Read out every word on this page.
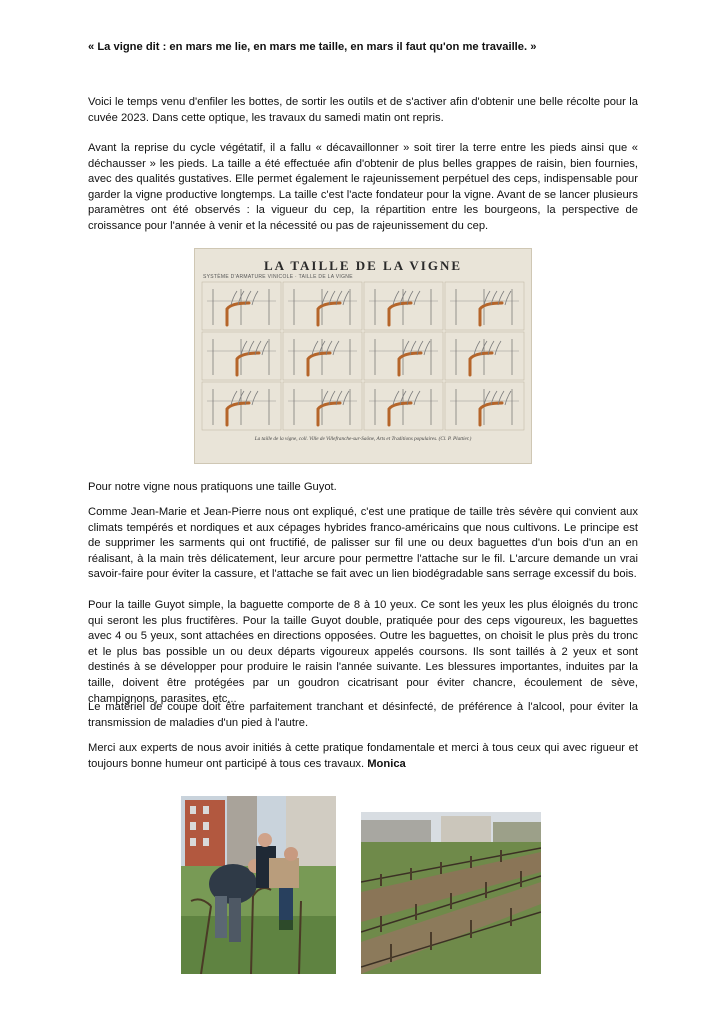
« La vigne dit : en mars me lie, en mars me taille, en mars il faut qu'on me travaille. »

Voici le temps venu d'enfiler les bottes, de sortir les outils et de s'activer afin d'obtenir une belle récolte pour la cuvée 2023. Dans cette optique, les travaux du samedi matin ont repris.

Avant la reprise du cycle végétatif, il a fallu « décavaillonner » soit tirer la terre entre les pieds ainsi que « déchausser » les pieds. La taille a été effectuée afin d'obtenir de plus belles grappes de raisin, bien fournies, avec des qualités gustatives. Elle permet également le rajeunissement perpétuel des ceps, indispensable pour garder la vigne productive longtemps. La taille c'est l'acte fondateur pour la vigne. Avant de se lancer plusieurs paramètres ont été observés : la vigueur du cep, la répartition entre les bourgeons, la perspective de croissance pour l'année à venir et la nécessité ou pas de rajeunissement du cep.

LA TAILLE DE LA VIGNE
SYSTÈME D'ARMATURE VINICOLE · TAILLE DE LA VIGNE
La taille de la vigne, coll. Ville de Villefranche-sur-Saône, Arts et Traditions populaires. (Cl. P. Plattier.)

Pour notre vigne nous pratiquons une taille Guyot.

Comme Jean-Marie et Jean-Pierre nous ont expliqué, c'est une pratique de taille très sévère qui convient aux climats tempérés et nordiques et aux cépages hybrides franco-américains que nous cultivons. Le principe est de supprimer les sarments qui ont fructifié, de palisser sur fil une ou deux baguettes d'un bois d'un an en réalisant, à la main très délicatement, leur arcure pour permettre l'attache sur le fil. L'arcure demande un vrai savoir-faire pour éviter la cassure, et l'attache se fait avec un lien biodégradable sans serrage excessif du bois.

Pour la taille Guyot simple, la baguette comporte de 8 à 10 yeux. Ce sont les yeux les plus éloignés du tronc qui seront les plus fructifères. Pour la taille Guyot double, pratiquée pour des ceps vigoureux, les baguettes avec 4 ou 5 yeux, sont attachées en directions opposées. Outre les baguettes, on choisit le plus près du tronc et le plus bas possible un ou deux départs vigoureux appelés coursons. Ils sont taillés à 2 yeux et sont destinés à se développer pour produire le raisin l'année suivante. Les blessures importantes, induites par la taille, doivent être protégées par un goudron cicatrisant pour éviter chancre, écoulement de sève, champignons, parasites, etc...

Le matériel de coupe doit être parfaitement tranchant et désinfecté, de préférence à l'alcool, pour éviter la transmission de maladies d'un pied à l'autre.

Merci aux experts de nous avoir initiés à cette pratique fondamentale et merci à tous ceux qui avec rigueur et toujours bonne humeur ont participé à tous ces travaux. Monica
